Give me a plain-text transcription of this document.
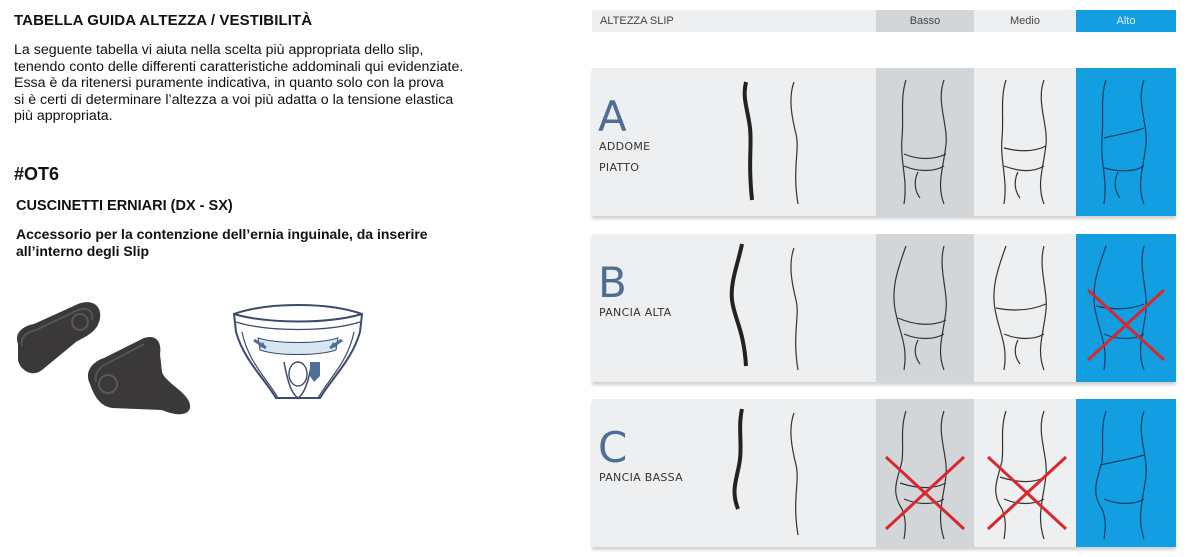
TABELLA GUIDA ALTEZZA / VESTIBILITÀ
La seguente tabella vi aiuta nella scelta più appropriata dello slip,
tenendo conto delle differenti caratteristiche addominali qui evidenziate.
Essa è da ritenersi puramente indicativa, in quanto solo con la prova
si è certi di determinare l’altezza a voi più adatta o la tensione elastica
più appropriata.
#OT6
CUSCINETTI ERNIARI (DX - SX)
Accessorio per la contenzione dell’ernia inguinale, da inserire
all’interno degli Slip
ALTEZZA SLIP	Basso	Medio	Alto
A
ADDOME
PIATTO
B
PANCIA ALTA
C
PANCIA BASSA
